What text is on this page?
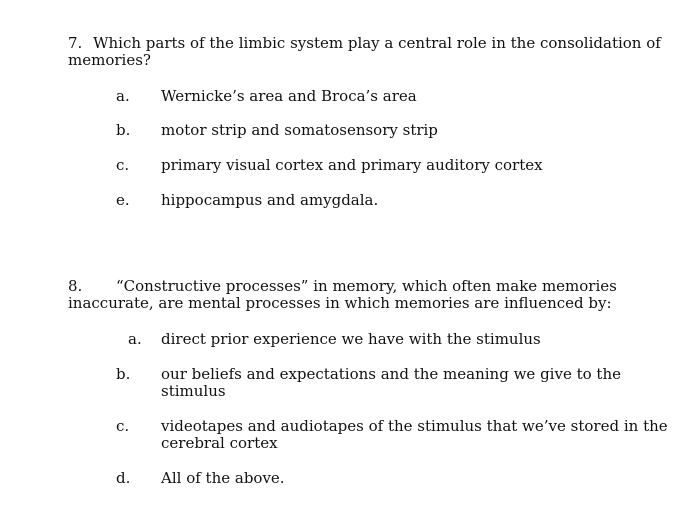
7. Which parts of the limbic system play a central role in the consolidation of memories?
a.	Wernicke’s area and Broca’s area
b.	motor strip and somatosensory strip
c.	primary visual cortex and primary auditory cortex
e.	hippocampus and amygdala.
8. “Constructive processes” in memory, which often make memories inaccurate, are mental processes in which memories are influenced by:
a.	direct prior experience we have with the stimulus
b.	our beliefs and expectations and the meaning we give to the stimulus
c.	videotapes and audiotapes of the stimulus that we’ve stored in the cerebral cortex
d.	All of the above.
